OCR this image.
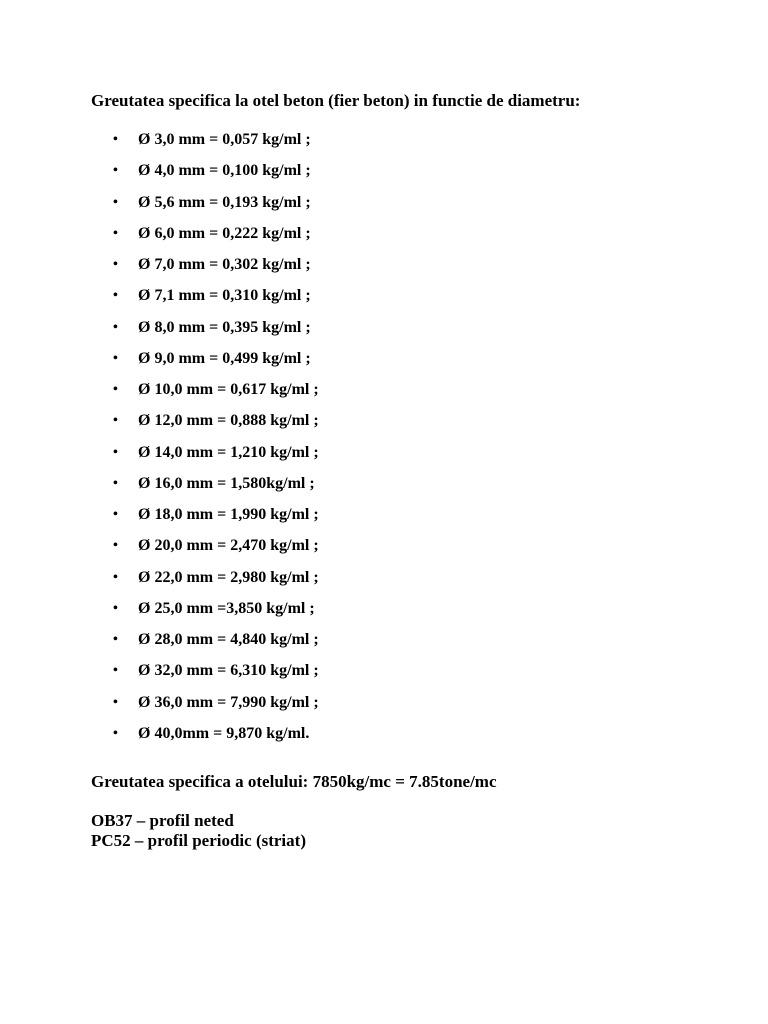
Greutatea specifica la otel beton (fier beton) in functie de diametru:
• Ø 3,0 mm = 0,057 kg/ml ;
• Ø 4,0 mm = 0,100 kg/ml ;
• Ø 5,6 mm = 0,193 kg/ml ;
• Ø 6,0 mm = 0,222 kg/ml ;
• Ø 7,0 mm = 0,302 kg/ml ;
• Ø 7,1 mm = 0,310 kg/ml ;
• Ø 8,0 mm = 0,395 kg/ml ;
• Ø 9,0 mm = 0,499 kg/ml ;
• Ø 10,0 mm = 0,617 kg/ml ;
• Ø 12,0 mm = 0,888 kg/ml ;
• Ø 14,0 mm = 1,210 kg/ml ;
• Ø 16,0 mm = 1,580kg/ml ;
• Ø 18,0 mm = 1,990 kg/ml ;
• Ø 20,0 mm = 2,470 kg/ml ;
• Ø 22,0 mm = 2,980 kg/ml ;
• Ø 25,0 mm =3,850 kg/ml ;
• Ø 28,0 mm = 4,840 kg/ml ;
• Ø 32,0 mm = 6,310 kg/ml ;
• Ø 36,0 mm = 7,990 kg/ml ;
• Ø 40,0mm = 9,870 kg/ml.
Greutatea specifica a otelului: 7850kg/mc = 7.85tone/mc
OB37 – profil neted
PC52 – profil periodic (striat)
